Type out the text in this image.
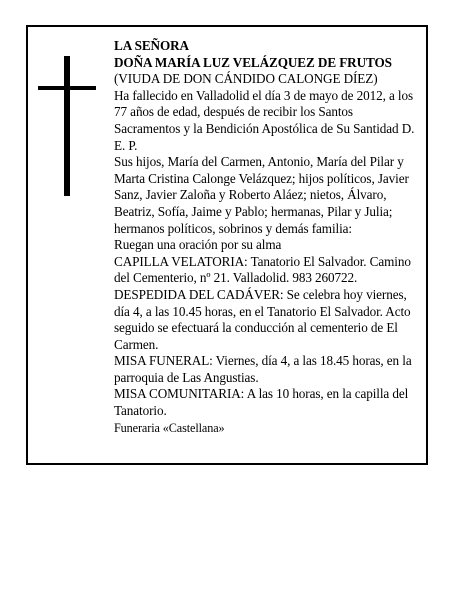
LA SEÑORA

DOÑA MARÍA LUZ VELÁZQUEZ DE FRUTOS

(VIUDA DE DON CÁNDIDO CALONGE DÍEZ)

Ha fallecido en Valladolid el día 3 de mayo de 2012, a los 77 años de edad, después de recibir los Santos Sacramentos y la Bendición Apostólica de Su Santidad D. E. P.

Sus hijos, María del Carmen, Antonio, María del Pilar y Marta Cristina Calonge Velázquez; hijos políticos, Javier Sanz, Javier Zaloña y Roberto Aláez; nietos, Álvaro, Beatriz, Sofía, Jaime y Pablo; hermanas, Pilar y Julia; hermanos políticos, sobrinos y demás familia:

Ruegan una oración por su alma

CAPILLA VELATORIA: Tanatorio El Salvador. Camino del Cementerio, nº 21. Valladolid. 983 260722.

DESPEDIDA DEL CADÁVER: Se celebra hoy viernes, día 4, a las 10.45 horas, en el Tanatorio El Salvador. Acto seguido se efectuará la conducción al cementerio de El Carmen.

MISA FUNERAL: Viernes, día 4, a las 18.45 horas, en la parroquia de Las Angustias.

MISA COMUNITARIA: A las 10 horas, en la capilla del Tanatorio.

Funeraria «Castellana»
